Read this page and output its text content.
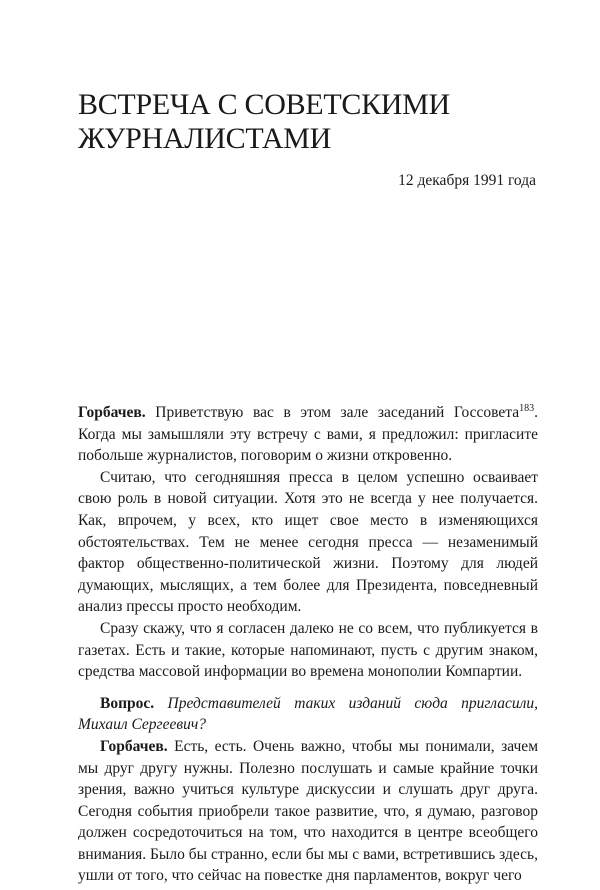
ВСТРЕЧА С СОВЕТСКИМИ
ЖУРНАЛИСТАМИ
12 декабря 1991 года

Горбачев. Приветствую вас в этом зале заседаний Госсовета$^{183}$. Когда мы замышляли эту встречу с вами, я предложил: пригласите побольше журналистов, поговорим о жизни откровенно.

Считаю, что сегодняшняя пресса в целом успешно осваивает свою роль в новой ситуации. Хотя это не всегда у нее получается. Как, впрочем, у всех, кто ищет свое место в изменяющихся обстоятельствах. Тем не менее сегодня пресса — незаменимый фактор общественно-политической жизни. Поэтому для людей думающих, мыслящих, а тем более для Президента, повседневный анализ прессы просто необходим.

Сразу скажу, что я согласен далеко не со всем, что публикуется в газетах. Есть и такие, которые напоминают, пусть с другим знаком, средства массовой информации во времена монополии Компартии.

Вопрос. Представителей таких изданий сюда пригласили, Михаил Сергеевич?

Горбачев. Есть, есть. Очень важно, чтобы мы понимали, зачем мы друг другу нужны. Полезно послушать и самые крайние точки зрения, важно учиться культуре дискуссии и слушать друг друга. Сегодня события приобрели такое развитие, что, я думаю, разговор должен сосредоточиться на том, что находится в центре всеобщего внимания. Было бы странно, если бы мы с вами, встретившись здесь, ушли от того, что сейчас на повестке дня парламентов, вокруг чего
